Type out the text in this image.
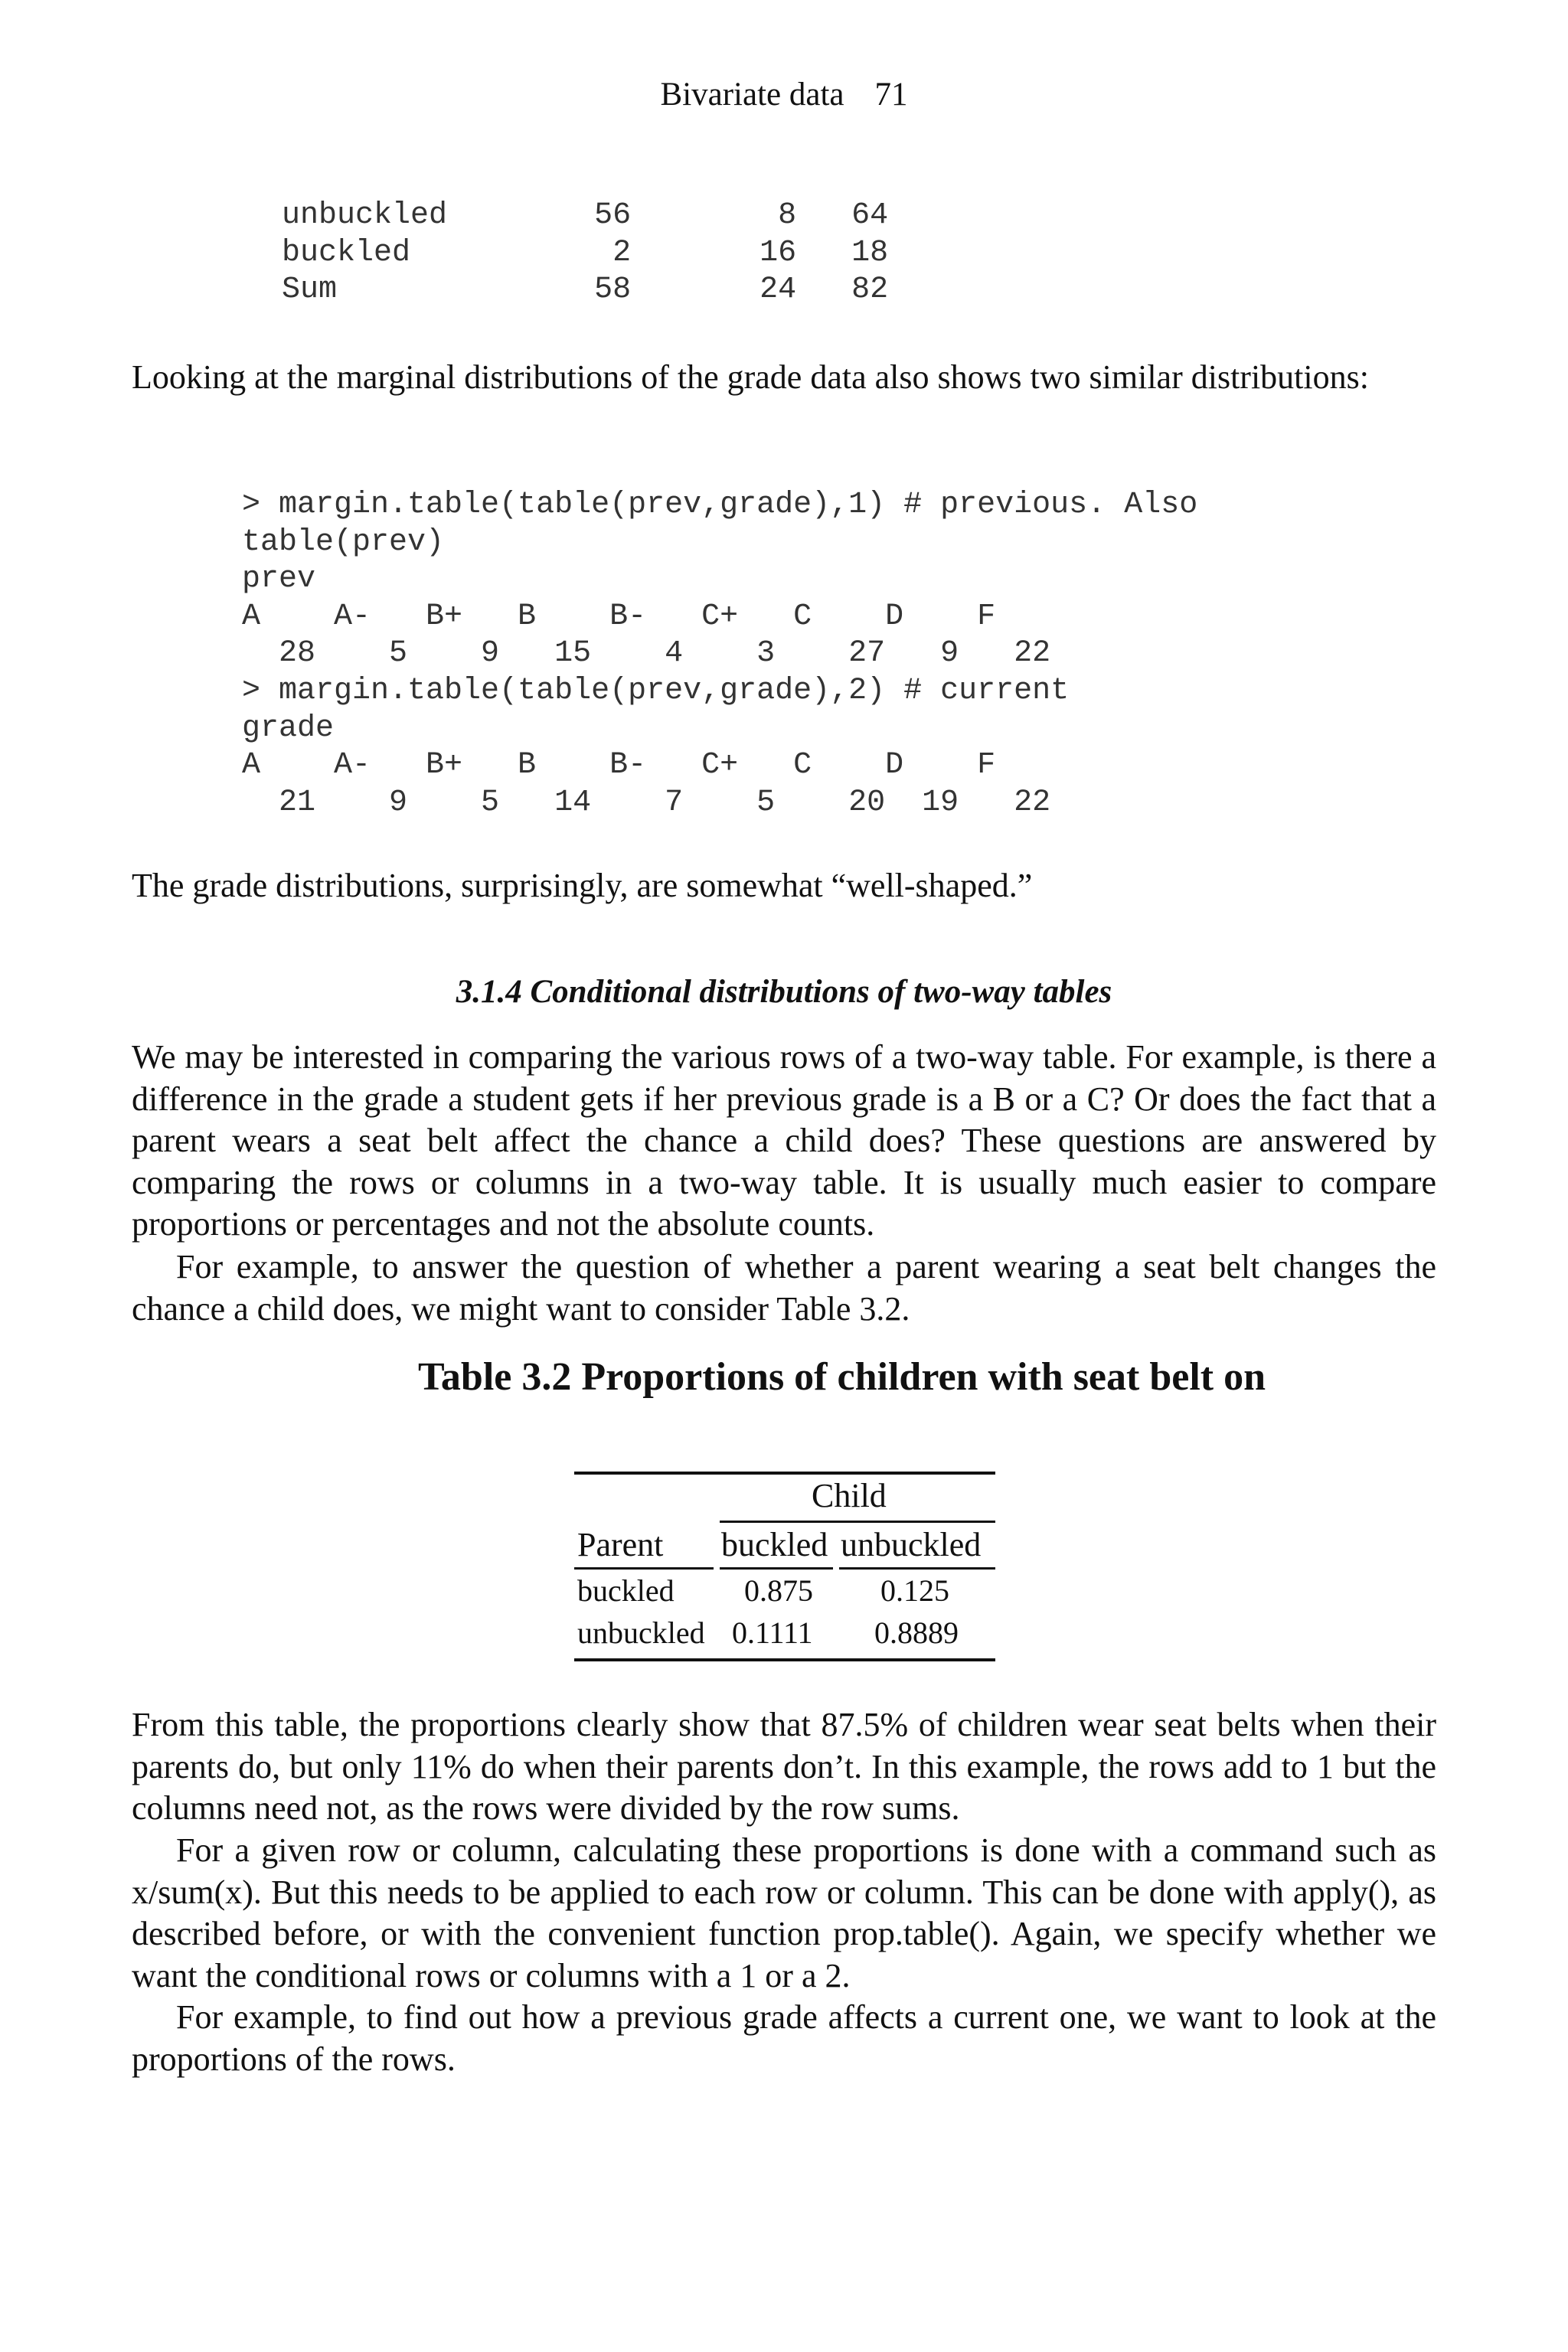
Bivariate data 71
unbuckled        56        8   64
buckled           2       16   18
Sum              58       24   82

Looking at the marginal distributions of the grade data also shows two similar distributions:

> margin.table(table(prev,grade),1) # previous. Also
table(prev)
prev
A    A-   B+   B    B-   C+   C    D    F
28    5    9   15    4    3    27   9   22
> margin.table(table(prev,grade),2) # current
grade
A    A-   B+   B    B-   C+   C    D    F
21    9    5   14    7    5    20  19   22

The grade distributions, surprisingly, are somewhat “well-shaped.”

3.1.4 Conditional distributions of two-way tables

We may be interested in comparing the various rows of a two-way table. For example, is there a difference in the grade a student gets if her previous grade is a B or a C? Or does the fact that a parent wears a seat belt affect the chance a child does? These questions are answered by comparing the rows or columns in a two-way table. It is usually much easier to compare proportions or percentages and not the absolute counts.

For example, to answer the question of whether a parent wearing a seat belt changes the chance a child does, we might want to consider Table 3.2.

Table 3.2 Proportions of children with seat belt on

Child
Parent buckled unbuckled
buckled 0.875 0.125
unbuckled 0.1111 0.8889

From this table, the proportions clearly show that 87.5% of children wear seat belts when their parents do, but only 11% do when their parents don’t. In this example, the rows add to 1 but the columns need not, as the rows were divided by the row sums.

For a given row or column, calculating these proportions is done with a command such as x/sum(x). But this needs to be applied to each row or column. This can be done with apply(), as described before, or with the convenient function prop.table(). Again, we specify whether we want the conditional rows or columns with a 1 or a 2.

For example, to find out how a previous grade affects a current one, we want to look at the proportions of the rows.
